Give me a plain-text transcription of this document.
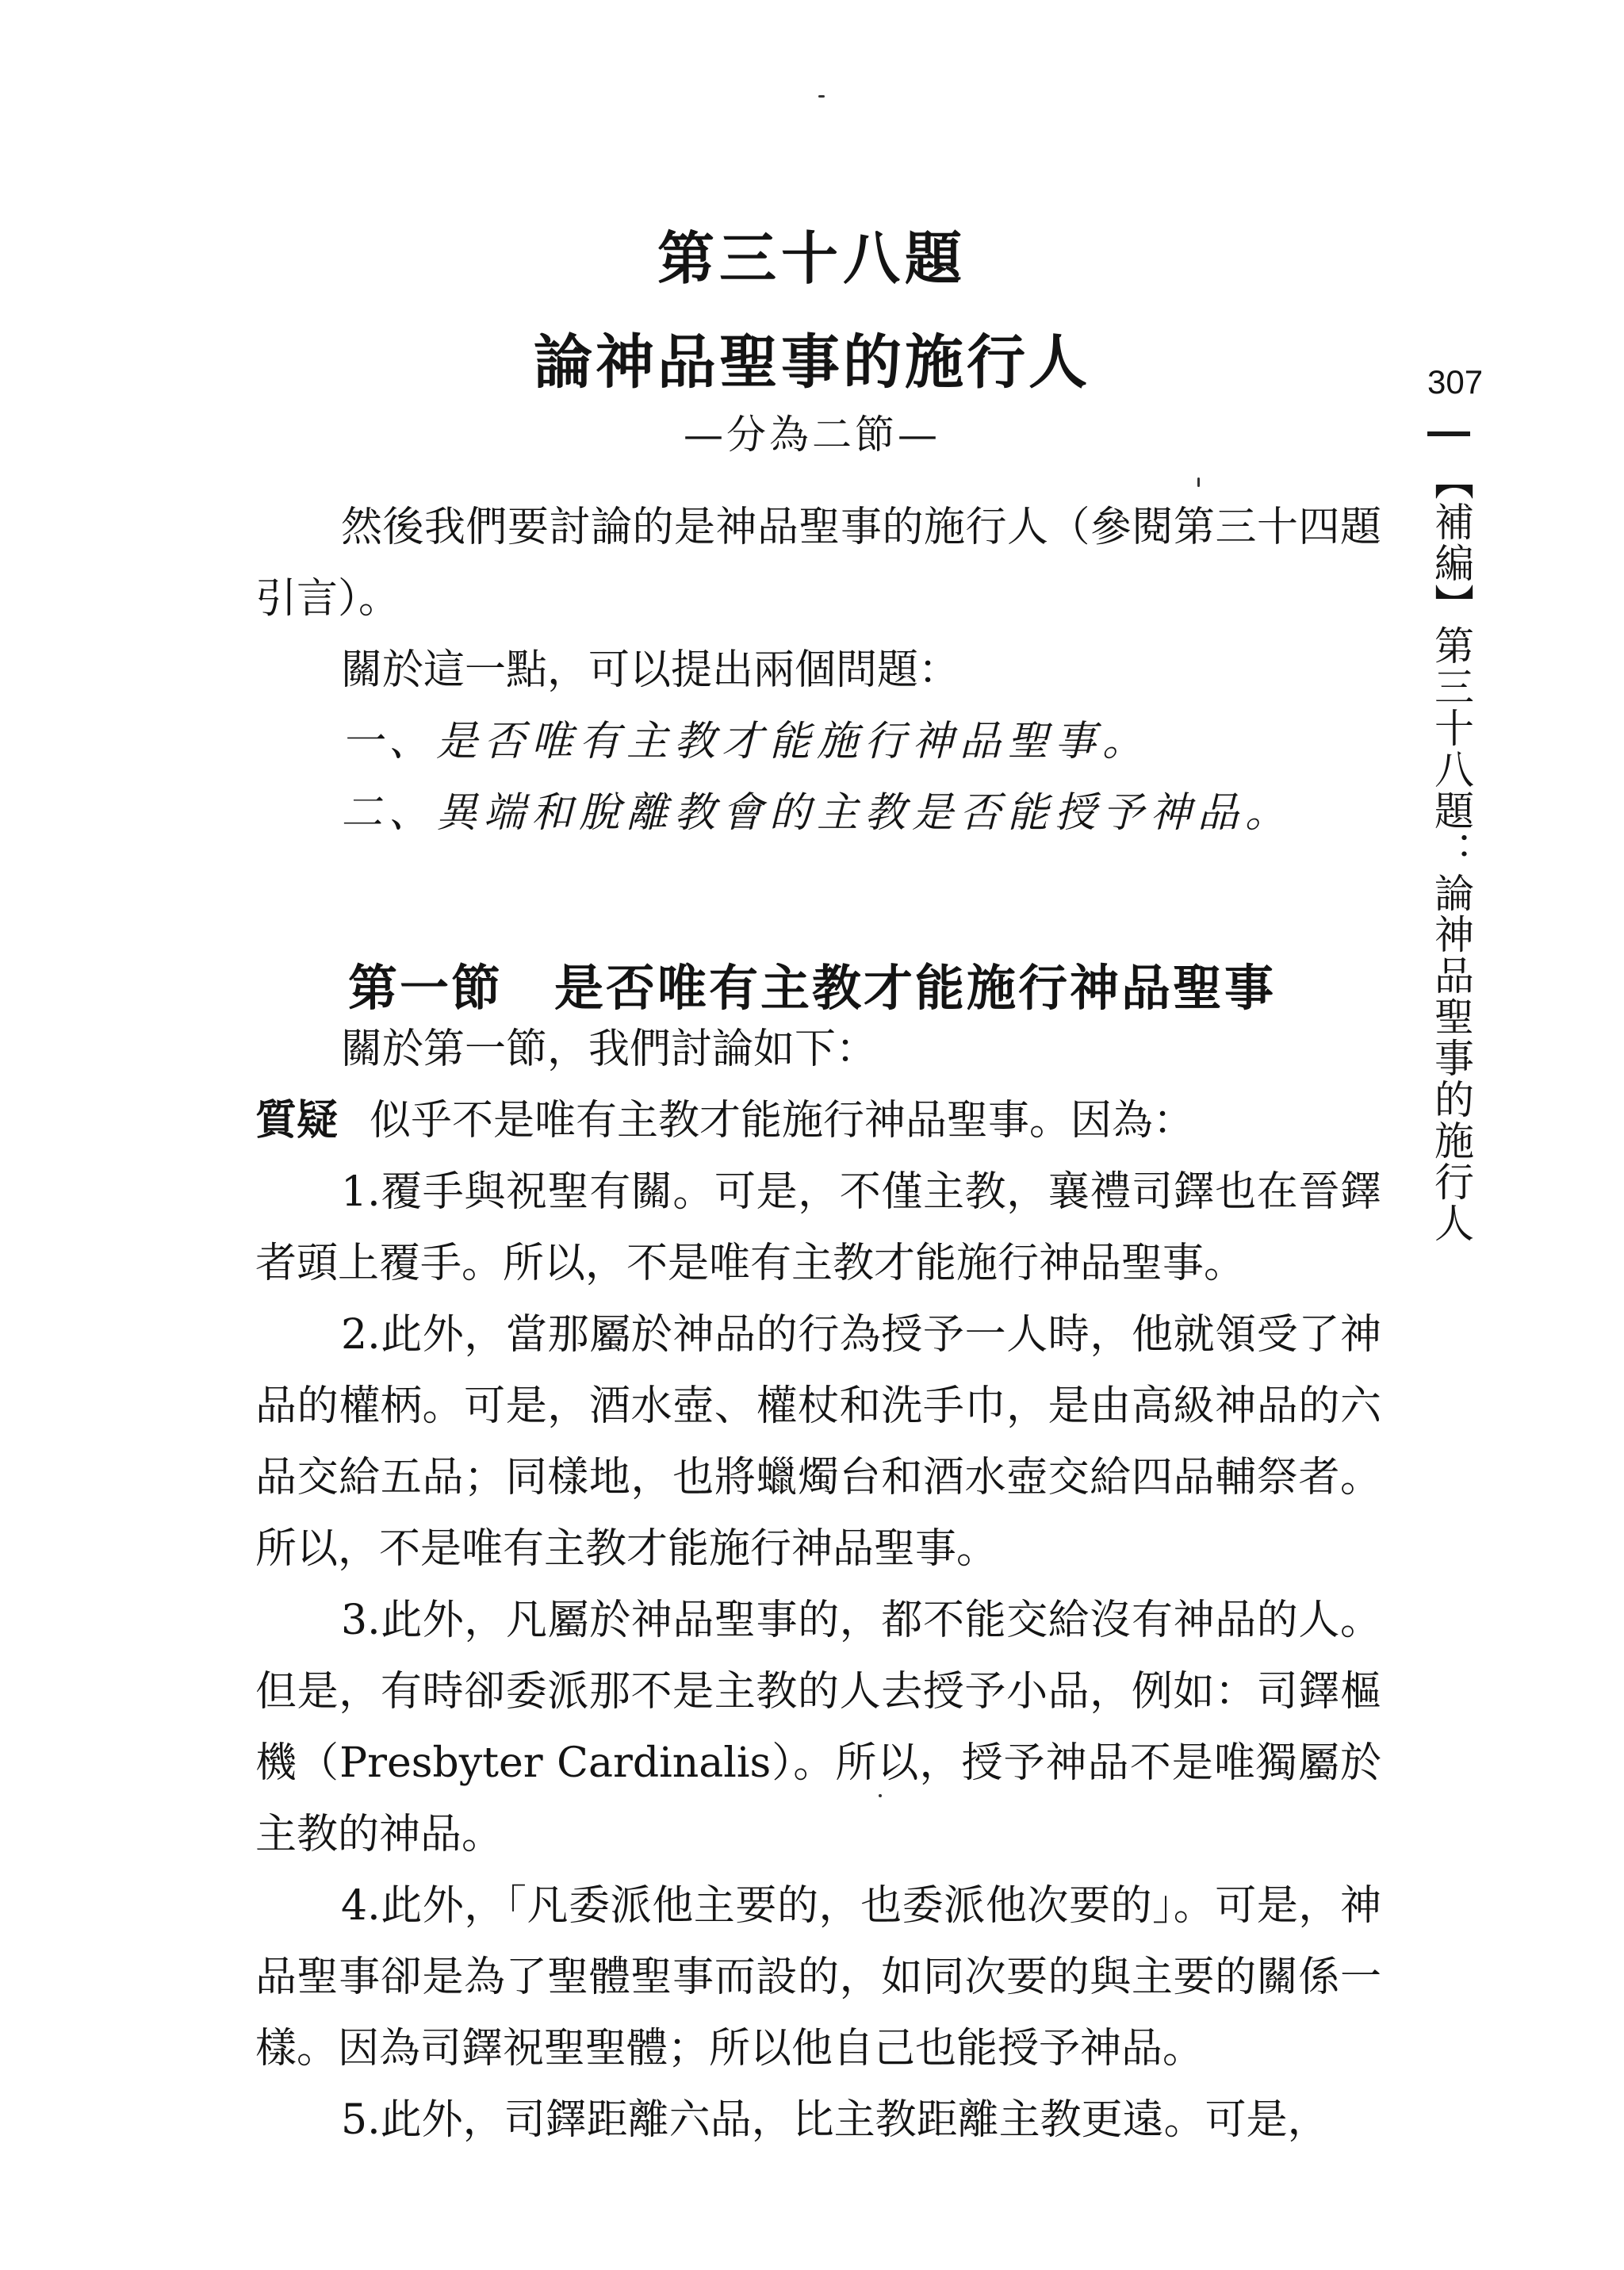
第三十八題
論神品聖事的施行人
—分為二節—
307
【補編】第三十八題：論神品聖事的施行人

然後我們要討論的是神品聖事的施行人（參閱第三十四題引言）。

關於這一點，可以提出兩個問題：

一、是否唯有主教才能施行神品聖事。

二、異端和脫離教會的主教是否能授予神品。

第一節　是否唯有主教才能施行神品聖事

關於第一節，我們討論如下：

質疑 似乎不是唯有主教才能施行神品聖事。因為：

1.覆手與祝聖有關。可是，不僅主教，襄禮司鐸也在晉鐸者頭上覆手。所以，不是唯有主教才能施行神品聖事。

2.此外，當那屬於神品的行為授予一人時，他就領受了神品的權柄。可是，酒水壺、權杖和洗手巾，是由高級神品的六品交給五品；同樣地，也將蠟燭台和酒水壺交給四品輔祭者。所以，不是唯有主教才能施行神品聖事。

3.此外，凡屬於神品聖事的，都不能交給沒有神品的人。但是，有時卻委派那不是主教的人去授予小品，例如：司鐸樞機（Presbyter Cardinalis）。所以，授予神品不是唯獨屬於主教的神品。

4.此外，「凡委派他主要的，也委派他次要的」。可是，神品聖事卻是為了聖體聖事而設的，如同次要的與主要的關係一樣。因為司鐸祝聖聖體；所以他自己也能授予神品。

5.此外，司鐸距離六品，比主教距離主教更遠。可是，
